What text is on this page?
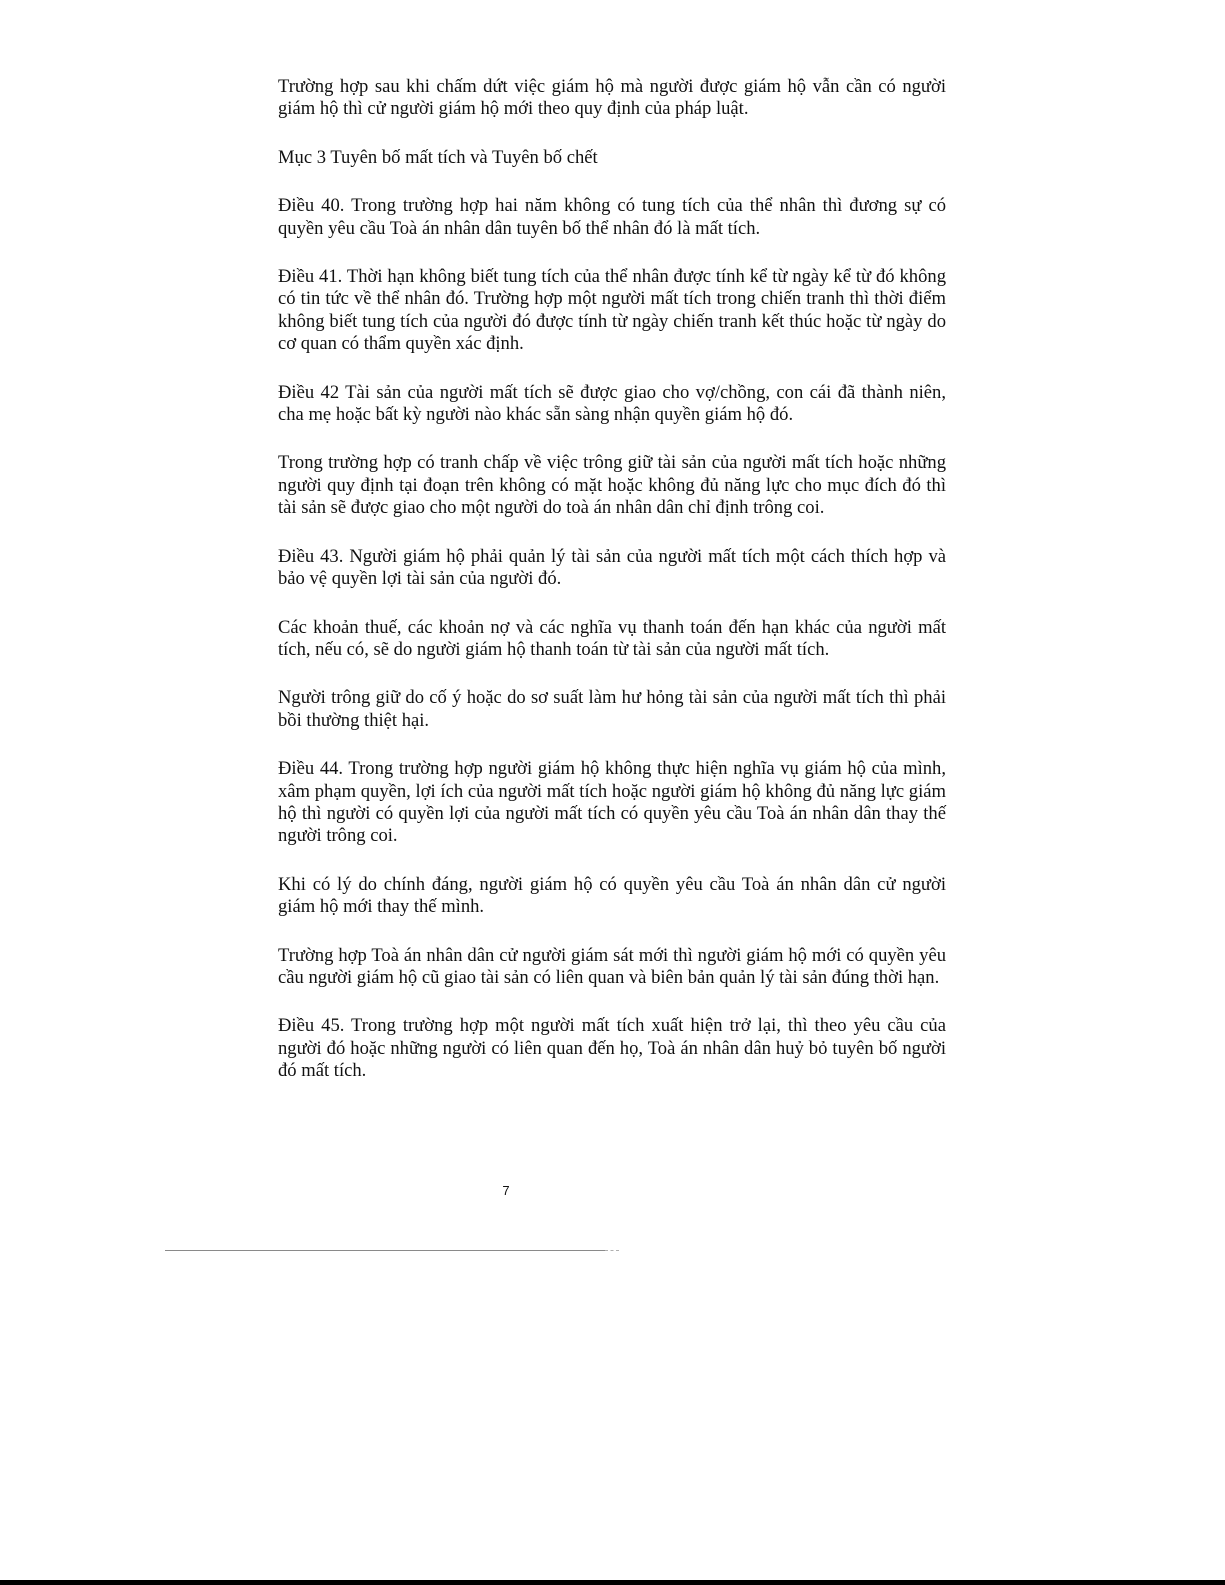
Trường hợp sau khi chấm dứt việc giám hộ mà người được giám hộ vẫn cần có người giám hộ thì cử người giám hộ mới theo quy định của pháp luật.

Mục 3 Tuyên bố mất tích và Tuyên bố chết

Điều 40. Trong trường hợp hai năm không có tung tích của thể nhân thì đương sự có quyền yêu cầu Toà án nhân dân tuyên bố thể nhân đó là mất tích.

Điều 41. Thời hạn không biết tung tích của thể nhân được tính kể từ ngày kể từ đó không có tin tức về thể nhân đó. Trường hợp một người mất tích trong chiến tranh thì thời điểm không biết tung tích của người đó được tính từ ngày chiến tranh kết thúc hoặc từ ngày do cơ quan có thẩm quyền xác định.

Điều 42 Tài sản của người mất tích sẽ được giao cho vợ/chồng, con cái đã thành niên, cha mẹ hoặc bất kỳ người nào khác sẵn sàng nhận quyền giám hộ đó.

Trong trường hợp có tranh chấp về việc trông giữ tài sản của người mất tích hoặc những người quy định tại đoạn trên không có mặt hoặc không đủ năng lực cho mục đích đó thì tài sản sẽ được giao cho một người do toà án nhân dân chỉ định trông coi.

Điều 43. Người giám hộ phải quản lý tài sản của người mất tích một cách thích hợp và bảo vệ quyền lợi tài sản của người đó.

Các khoản thuế, các khoản nợ và các nghĩa vụ thanh toán đến hạn khác của người mất tích, nếu có, sẽ do người giám hộ thanh toán từ tài sản của người mất tích.

Người trông giữ do cố ý hoặc do sơ suất làm hư hỏng tài sản của người mất tích thì phải bồi thường thiệt hại.

Điều 44. Trong trường hợp người giám hộ không thực hiện nghĩa vụ giám hộ của mình, xâm phạm quyền, lợi ích của người mất tích hoặc người giám hộ không đủ năng lực giám hộ thì người có quyền lợi của người mất tích có quyền yêu cầu Toà án nhân dân thay thế người trông coi.

Khi có lý do chính đáng, người giám hộ có quyền yêu cầu Toà án nhân dân cử người giám hộ mới thay thế mình.

Trường hợp Toà án nhân dân cử người giám sát mới thì người giám hộ mới có quyền yêu cầu người giám hộ cũ giao tài sản có liên quan và biên bản quản lý tài sản đúng thời hạn.

Điều 45. Trong trường hợp một người mất tích xuất hiện trở lại, thì theo yêu cầu của người đó hoặc những người có liên quan đến họ, Toà án nhân dân huỷ bỏ tuyên bố người đó mất tích.

7
